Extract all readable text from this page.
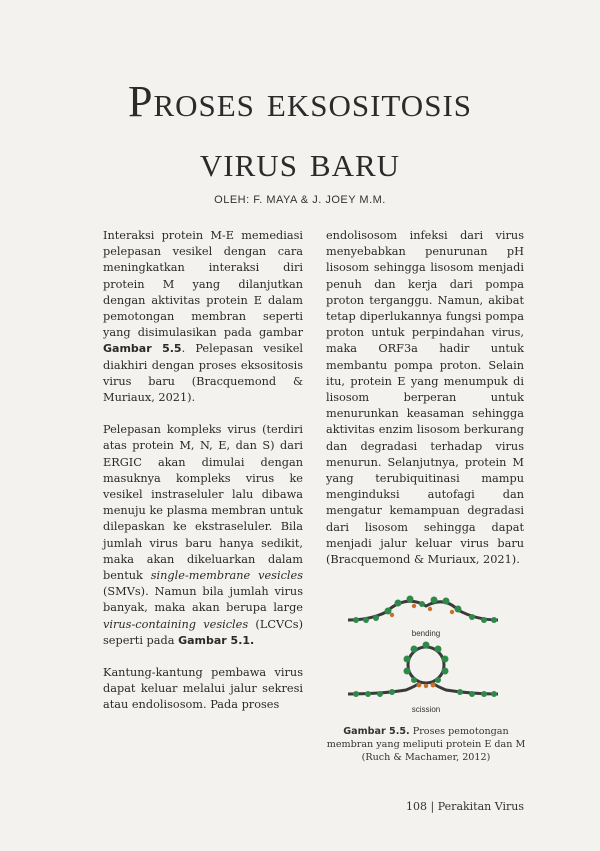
Proses eksositosis
virus baru
OLEH: F. MAYA & J. JOEY M.M.

Interaksi protein M-E memediasi pelepasan vesikel dengan cara meningkatkan interaksi diri protein M yang dilanjutkan dengan aktivitas protein E dalam pemotongan membran seperti yang disimulasikan pada gambar Gambar 5.5. Pelepasan vesikel diakhiri dengan proses eksositosis virus baru (Bracquemond & Muriaux, 2021).

Pelepasan kompleks virus (terdiri atas protein M, N, E, dan S) dari ERGIC akan dimulai dengan masuknya kompleks virus ke vesikel instraseluler lalu dibawa menuju ke plasma membran untuk dilepaskan ke ekstraseluler. Bila jumlah virus baru hanya sedikit, maka akan dikeluarkan dalam bentuk single-membrane vesicles (SMVs). Namun bila jumlah virus banyak, maka akan berupa large virus-containing vesicles (LCVCs) seperti pada Gambar 5.1.

Kantung-kantung pembawa virus dapat keluar melalui jalur sekresi atau endolisosom. Pada proses

endolisosom infeksi dari virus menyebabkan penurunan pH lisosom sehingga lisosom menjadi penuh dan kerja dari pompa proton terganggu. Namun, akibat tetap diperlukannya fungsi pompa proton untuk perpindahan virus, maka ORF3a hadir untuk membantu pompa proton. Selain itu, protein E yang menumpuk di lisosom berperan untuk menurunkan keasaman sehingga aktivitas enzim lisosom berkurang dan degradasi terhadap virus menurun. Selanjutnya, protein M yang terubiquitinasi mampu menginduksi autofagi dan mengatur kemampuan degradasi dari lisosom sehingga dapat menjadi jalur keluar virus baru (Bracquemond & Muriaux, 2021).

bending
scission
Gambar 5.5. Proses pemotongan membran yang meliputi protein E dan M (Ruch & Machamer, 2012)
108 | Perakitan Virus
